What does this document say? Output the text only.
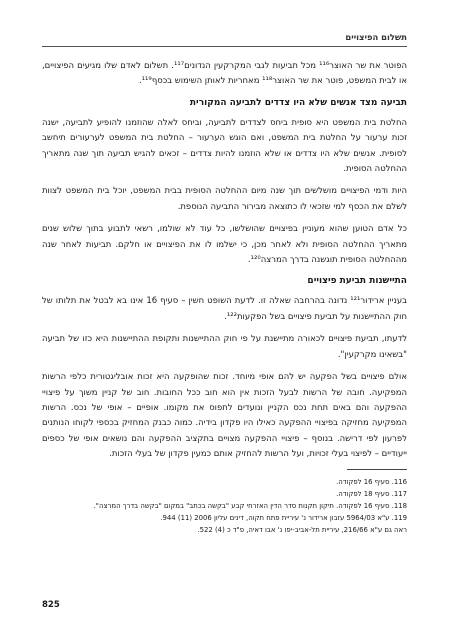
תשלום הפיצויים

הפוטר את שר האוצר¹¹⁶ מכל תביעות לגבי המקרקעין הנדונים¹¹⁷. תשלום לאדם שלו מגיעים הפיצויים, או לבית המשפט, פוטר את שר האוצר¹¹⁸ מאחריות לאותן השימוש בכסף¹¹⁹.

תביעה מצד אנשים שלא היו צדדים לתביעה המקורית

החלטת בית המשפט היא סופית ביחס לצדדים לתביעה, וביחס לאלה שהוזמנו להופיע לתביעה, ישנה זכות ערעור על החלטת בית המשפט, ואם הוגש הערעור – החלטת בית המשפט לערעורים תיחשב לסופית. אנשים שלא היו צדדים או שלא הוזמנו להיות צדדים – זכאים להגיש תביעה תוך שנה מתאריך ההחלטה הסופית.

היות ודמי הפיצויים מושלשים תוך שנה מיום ההחלטה הסופית בבית המשפט, יוכל בית המשפט לצוות לשלם את הכסף למי שזכאי לו כתוצאה מבירור התביעה הנוספת.

כל אדם הטוען שהוא מעוניין בפיצויים שהושלשו, כל עוד לא שולמו, רשאי לתבוע בתוך שלוש שנים מתאריך ההחלטה הסופית ולא לאחר מכן, כי ישלמו לו את הפיצויים או חלקם. תביעות לאחר שנה מההחלטה הסופית תוגשנה בדרך המרצה¹²⁰.

התיישנות תביעת פיצויים

בעניין ארידור¹²¹ נדונה בהרחבה שאלה זו. לדעת השופט חשין – סעיף 16 אינו בא לבטל את תלותו של חוק ההתיישנות על תביעת פיצויים בשל הפקעות¹²².

לדעתו, תביעת פיצויים לכאורה מתיישנת על פי חוק ההתיישנות ותקופת ההתיישנות היא כזו של תביעה "בשאינו מקרקעין".

אולם פיצויים בשל הפקעה יש להם אופי מיוחד. זכות שהופקעה היא זכות אובליגטורית כלפי הרשות המפקיעה. חובה של הרשות לבעל הזכות אין הוא חוב ככל החובות. חוב של קניין משוך על פיצויי ההפקעה והם באים תחת נכס הקניין ונועדים לתפוס את מקומו. אופיים – אופי של נכס. הרשות המפקיעה מחזיקה בפיצויי ההפקעה כאילו היו פקדון בידיה. כמוה כבנק המחזיק בכספי לקוחו הנותנים לפרעון לפי דרישה. בנוסף – פיצויי ההפקעה מצויים בתקציב ההפקעה והם נושאים אופי של כספים ייעודיים – לפיצוי בעלי זכויות, ועל הרשות להחזיק אותם כמעין פקדון של בעלי הזכות.

116. סעיף 16 לפקודה.

117. סעיף 18 לפקודה.

118. סעיף 16 לפקודה. תיקון תקנות סדר הדין האזרחי קבע "בקשה בכתב" במקום "בקשה בדרך המרצה".

119. ע"א 5964/03 עזבון ארידור נ' עיריית פתח תקוה, דינים עליון 2006 (11) 944.

ראה גם ע"א 216/66, עיריית תל-אביב-יפו נ' אבו דאיה, פ"ד כ (4) 522.

825
